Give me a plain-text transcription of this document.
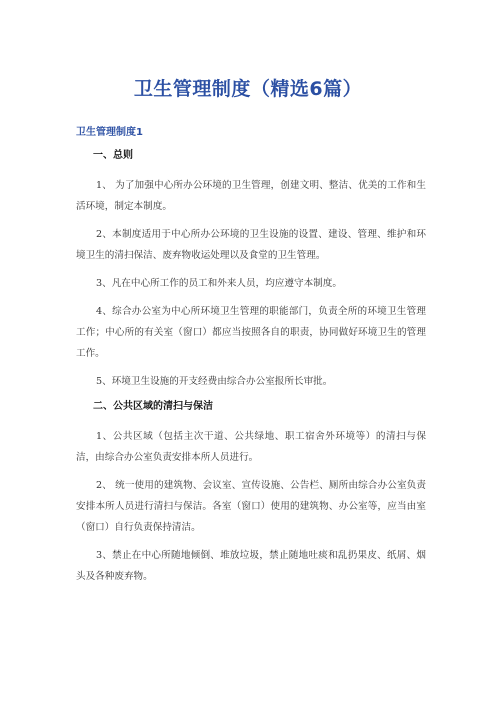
卫生管理制度（精选6篇）
卫生管理制度1
一、总则

1、 为了加强中心所办公环境的卫生管理，创建文明、整洁、优美的工作和生活环境，制定本制度。

2、本制度适用于中心所办公环境的卫生设施的设置、建设、管理、维护和环境卫生的清扫保洁、废弃物收运处理以及食堂的卫生管理。

3、凡在中心所工作的员工和外来人员，均应遵守本制度。

4、综合办公室为中心所环境卫生管理的职能部门，负责全所的环境卫生管理工作；中心所的有关室（窗口）都应当按照各自的职责，协同做好环境卫生的管理工作。

5、环境卫生设施的开支经费由综合办公室报所长审批。

二、公共区域的清扫与保洁

1、公共区域（包括主次干道、公共绿地、职工宿舍外环境等）的清扫与保洁，由综合办公室负责安排本所人员进行。

2、 统一使用的建筑物、会议室、宣传设施、公告栏、厕所由综合办公室负责安排本所人员进行清扫与保洁。各室（窗口）使用的建筑物、办公室等，应当由室（窗口）自行负责保持清洁。

3、禁止在中心所随地倾倒、堆放垃圾，禁止随地吐痰和乱扔果皮、纸屑、烟头及各种废弃物。
